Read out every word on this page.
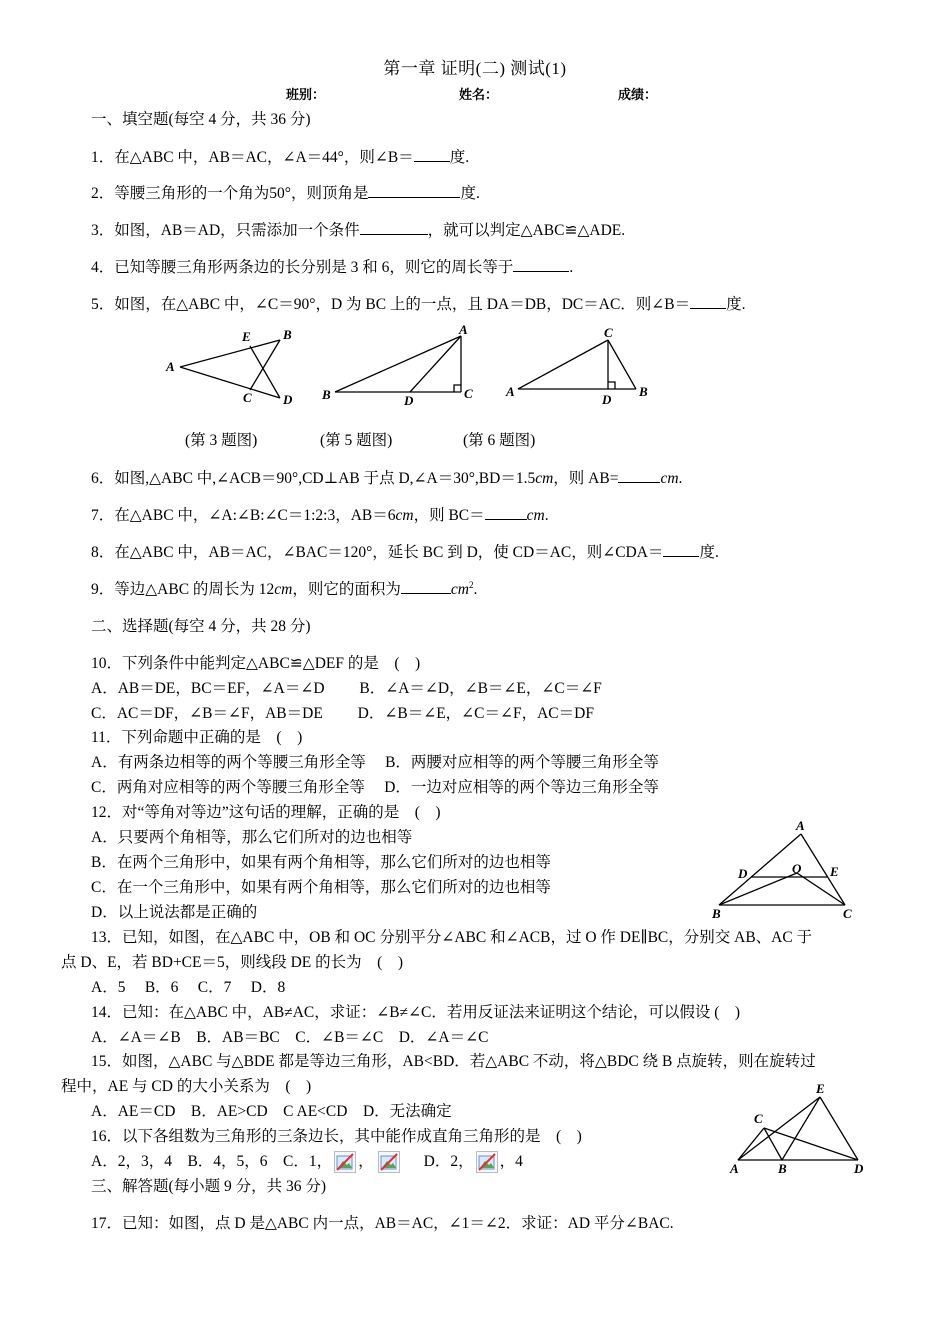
第一章 证明(二) 测试(1)
班别：	姓名：	成绩：
一、填空题(每空 4 分，共 36 分)
1．在△ABC 中，AB＝AC，∠A＝44°，则∠B＝ 度.
2．等腰三角形的一个角为50°，则顶角是	度.
3．如图，AB＝AD，只需添加一个条件	，就可以判定△ABC≌△ADE.
4．已知等腰三角形两条边的长分别是 3 和 6，则它的周长等于	.
5．如图，在△ABC 中，∠C＝90°，D 为 BC 上的一点，且 DA＝DB，DC＝AC．则∠B＝ 度.
A
E B
C D
A
B	D	C
C
A
D
B
(第 3 题图)	(第 5 题图)	(第 6 题图)
6．如图,△ABC 中,∠ACB＝90°,CD⊥AB 于点 D,∠A＝30°,BD＝1.5cm，则 AB=	cm.
7．在△ABC 中，∠A:∠B:∠C＝1:2:3，AB＝6cm，则 BC＝	cm.
8．在△ABC 中，AB＝AC，∠BAC＝120°，延长 BC 到 D，使 CD＝AC，则∠CDA＝ 度.
9．等边△ABC 的周长为 12cm，则它的面积为	$cm^2$.
二、选择题(每空 4 分，共 28 分)
10．下列条件中能判定△ABC≌△DEF 的是　(　)
A．AB＝DE，BC＝EF，∠A＝∠D　　 B．∠A＝∠D，∠B＝∠E，∠C＝∠F
C．AC＝DF，∠B＝∠F，AB＝DE　　 D．∠B＝∠E，∠C＝∠F，AC＝DF
11．下列命题中正确的是　(　)
A．有两条边相等的两个等腰三角形全等　 B．两腰对应相等的两个等腰三角形全等
C．两角对应相等的两个等腰三角形全等　 D．一边对应相等的两个等边三角形全等
12．对“等角对等边”这句话的理解，正确的是　(　)
A．只要两个角相等，那么它们所对的边也相等
B．在两个三角形中，如果有两个角相等，那么它们所对的边也相等
C．在一个三角形中，如果有两个角相等，那么它们所对的边也相等
D．以上说法都是正确的
A
D	O E
B	C
13．已知，如图，在△ABC 中，OB 和 OC 分别平分∠ABC 和∠ACB，过 O 作 DE∥BC，分别交 AB、AC 于
点 D、E，若 BD+CE＝5，则线段 DE 的长为　(　)
A．5　 B．6　 C．7　 D．8
14．已知：在△ABC 中，AB≠AC，求证：∠B≠∠C．若用反证法来证明这个结论，可以假设 (　)
A．∠A＝∠B　B．AB＝BC　C．∠B＝∠C　D．∠A＝∠C
15．如图，△ABC 与△BDE 都是等边三角形，AB<BD．若△ABC 不动，将△BDC 绕 B 点旋转，则在旋转过
程中，AE 与 CD 的大小关系为　(　)
A．AE＝CD　B．AE>CD　C AE<CD　D．无法确定
E
C
A	B	D
16．以下各组数为三角形的三条边长，其中能作成直角三角形的是　(　)
A．2，3，4　B．4，5，6　C．1， ，	D．2， ，4
三、解答题(每小题 9 分，共 36 分)
17．已知：如图，点 D 是△ABC 内一点，AB＝AC，∠1＝∠2．求证：AD 平分∠BAC.
